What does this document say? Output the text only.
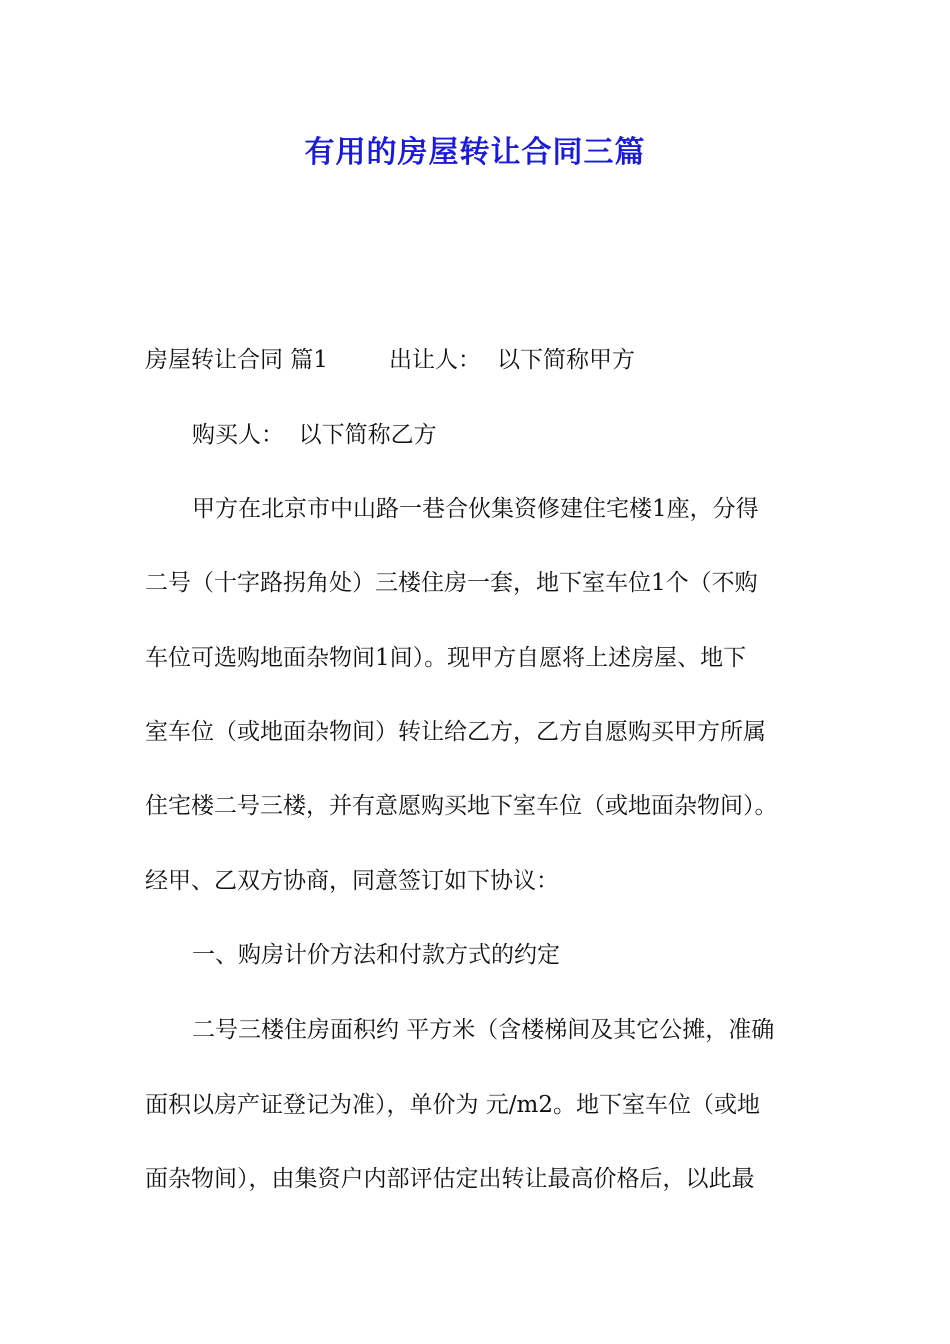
有用的房屋转让合同三篇

房屋转让合同 篇1

	出让人：

以下简称甲方

购买人：  以下简称乙方
甲方在北京市中山路一巷合伙集资修建住宅楼1座，分得
二号（十字路拐角处）三楼住房一套，地下室车位1个（不购
车位可选购地面杂物间1间）。现甲方自愿将上述房屋、地下
室车位（或地面杂物间）转让给乙方，乙方自愿购买甲方所属
住宅楼二号三楼，并有意愿购买地下室车位（或地面杂物间）。
经甲、乙双方协商，同意签订如下协议：
一、购房计价方法和付款方式的约定
二号三楼住房面积约 平方米（含楼梯间及其它公摊，准确
面积以房产证登记为准），单价为 元/m2。地下室车位（或地
面杂物间），由集资户内部评估定出转让最高价格后，以此最
